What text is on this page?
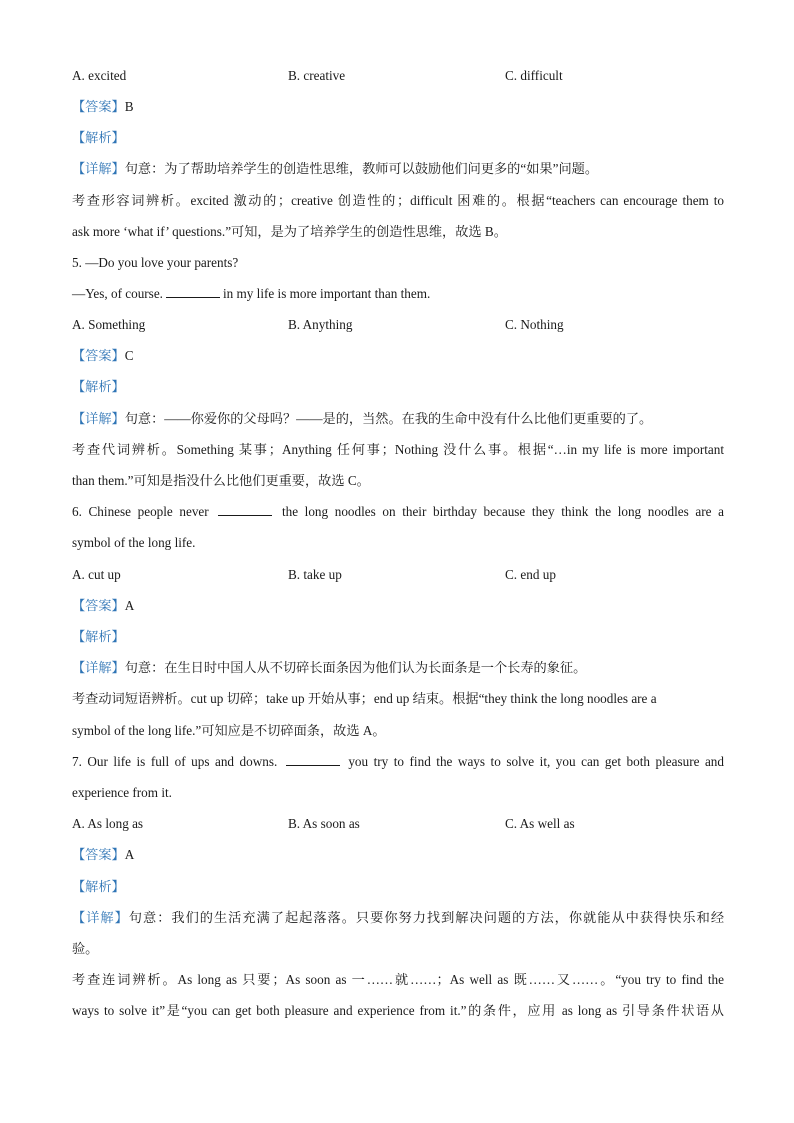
A. excited	B. creative	C. difficult
【答案】B
【解析】
【详解】句意：为了帮助培养学生的创造性思维，教师可以鼓励他们问更多的“如果”问题。
考查形容词辨析。excited 激动的；creative 创造性的；difficult 困难的。根据“teachers can encourage them to
ask more ‘what if’ questions.”可知，是为了培养学生的创造性思维，故选 B。
5. —Do you love your parents?
—Yes, of course.	in my life is more important than them.
A. Something	B. Anything	C. Nothing
【答案】C
【解析】
【详解】句意：——你爱你的父母吗？——是的，当然。在我的生命中没有什么比他们更重要的了。
考查代词辨析。Something 某事；Anything 任何事；Nothing 没什么事。根据“…in my life is more important
than them.”可知是指没什么比他们更重要，故选 C。
6. Chinese people never	the long noodles on their birthday because they think the long noodles are a
symbol of the long life.
A. cut up	B. take up	C. end up
【答案】A
【解析】
【详解】句意：在生日时中国人从不切碎长面条因为他们认为长面条是一个长寿的象征。
考查动词短语辨析。cut up 切碎；take up 开始从事；end up 结束。根据“they think the long noodles are a
symbol of the long life.”可知应是不切碎面条，故选 A。
7. Our life is full of ups and downs.	you try to find the ways to solve it, you can get both pleasure and
experience from it.
A. As long as	B. As soon as	C. As well as
【答案】A
【解析】
【详解】句意：我们的生活充满了起起落落。只要你努力找到解决问题的方法，你就能从中获得快乐和经
验。
考查连词辨析。As long as 只要；As soon as 一……就……；As well as 既……又……。“you try to find the
ways to solve it”是“you can get both pleasure and experience from it.”的条件，应用 as long as 引导条件状语从
